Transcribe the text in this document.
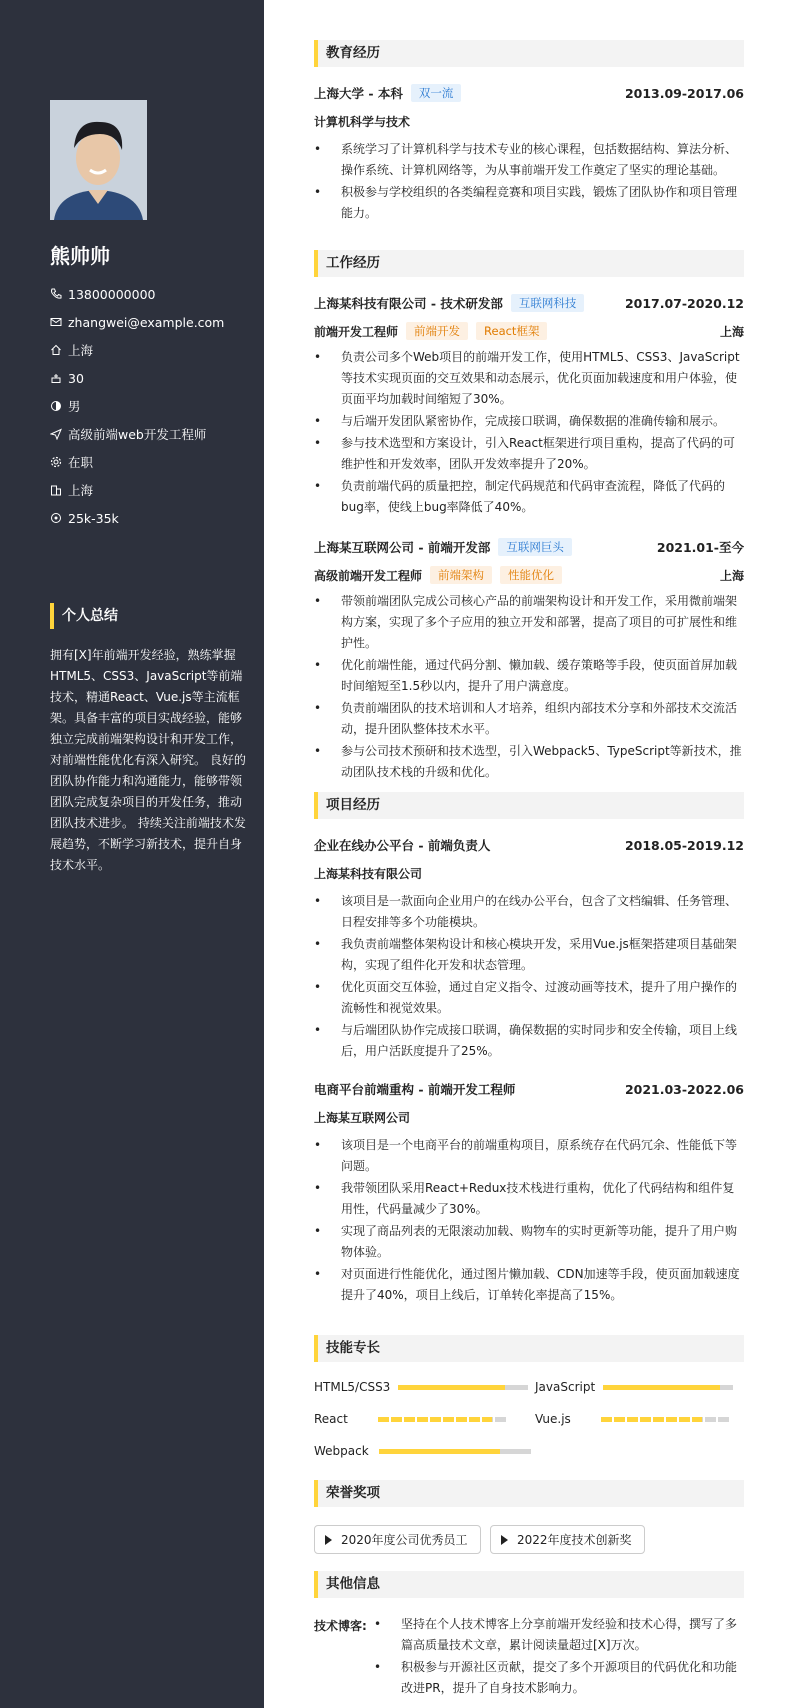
熊帅帅
13800000000
zhangwei@example.com
上海
30
男
高级前端web开发工程师
在职
上海
25k-35k
个人总结
拥有[X]年前端开发经验，熟练掌握HTML5、CSS3、JavaScript等前端技术，精通React、Vue.js等主流框架。具备丰富的项目实战经验，能够独立完成前端架构设计和开发工作，对前端性能优化有深入研究。 良好的团队协作能力和沟通能力，能够带领团队完成复杂项目的开发任务，推动团队技术进步。 持续关注前端技术发展趋势，不断学习新技术，提升自身技术水平。
教育经历
上海大学 - 本科	双一流	2013.09-2017.06
计算机科学与技术
• 系统学习了计算机科学与技术专业的核心课程，包括数据结构、算法分析、操作系统、计算机网络等，为从事前端开发工作奠定了坚实的理论基础。
• 积极参与学校组织的各类编程竞赛和项目实践，锻炼了团队协作和项目管理能力。
工作经历
上海某科技有限公司 - 技术研发部	互联网科技	2017.07-2020.12
前端开发工程师	前端开发	React框架	上海
• 负责公司多个Web项目的前端开发工作，使用HTML5、CSS3、JavaScript等技术实现页面的交互效果和动态展示，优化页面加载速度和用户体验，使页面平均加载时间缩短了30%。
• 与后端开发团队紧密协作，完成接口联调，确保数据的准确传输和展示。
• 参与技术选型和方案设计，引入React框架进行项目重构，提高了代码的可维护性和开发效率，团队开发效率提升了20%。
• 负责前端代码的质量把控，制定代码规范和代码审查流程，降低了代码的bug率，使线上bug率降低了40%。
上海某互联网公司 - 前端开发部	互联网巨头	2021.01-至今
高级前端开发工程师	前端架构	性能优化	上海
• 带领前端团队完成公司核心产品的前端架构设计和开发工作，采用微前端架构方案，实现了多个子应用的独立开发和部署，提高了项目的可扩展性和维护性。
• 优化前端性能，通过代码分割、懒加载、缓存策略等手段，使页面首屏加载时间缩短至1.5秒以内，提升了用户满意度。
• 负责前端团队的技术培训和人才培养，组织内部技术分享和外部技术交流活动，提升团队整体技术水平。
• 参与公司技术预研和技术选型，引入Webpack5、TypeScript等新技术，推动团队技术栈的升级和优化。
项目经历
企业在线办公平台 - 前端负责人	2018.05-2019.12
上海某科技有限公司
• 该项目是一款面向企业用户的在线办公平台，包含了文档编辑、任务管理、日程安排等多个功能模块。
• 我负责前端整体架构设计和核心模块开发，采用Vue.js框架搭建项目基础架构，实现了组件化开发和状态管理。
• 优化页面交互体验，通过自定义指令、过渡动画等技术，提升了用户操作的流畅性和视觉效果。
• 与后端团队协作完成接口联调，确保数据的实时同步和安全传输，项目上线后，用户活跃度提升了25%。
电商平台前端重构 - 前端开发工程师	2021.03-2022.06
上海某互联网公司
• 该项目是一个电商平台的前端重构项目，原系统存在代码冗余、性能低下等问题。
• 我带领团队采用React+Redux技术栈进行重构，优化了代码结构和组件复用性，代码量减少了30%。
• 实现了商品列表的无限滚动加载、购物车的实时更新等功能，提升了用户购物体验。
• 对页面进行性能优化，通过图片懒加载、CDN加速等手段，使页面加载速度提升了40%，项目上线后，订单转化率提高了15%。
技能专长
HTML5/CSS3	JavaScript
React	Vue.js
Webpack
荣誉奖项
2020年度公司优秀员工	2022年度技术创新奖
其他信息
技术博客:
•	坚持在个人技术博客上分享前端开发经验和技术心得，撰写了多篇高质量技术文章，累计阅读量超过[X]万次。
• 积极参与开源社区贡献，提交了多个开源项目的代码优化和功能改进PR，提升了自身技术影响力。
